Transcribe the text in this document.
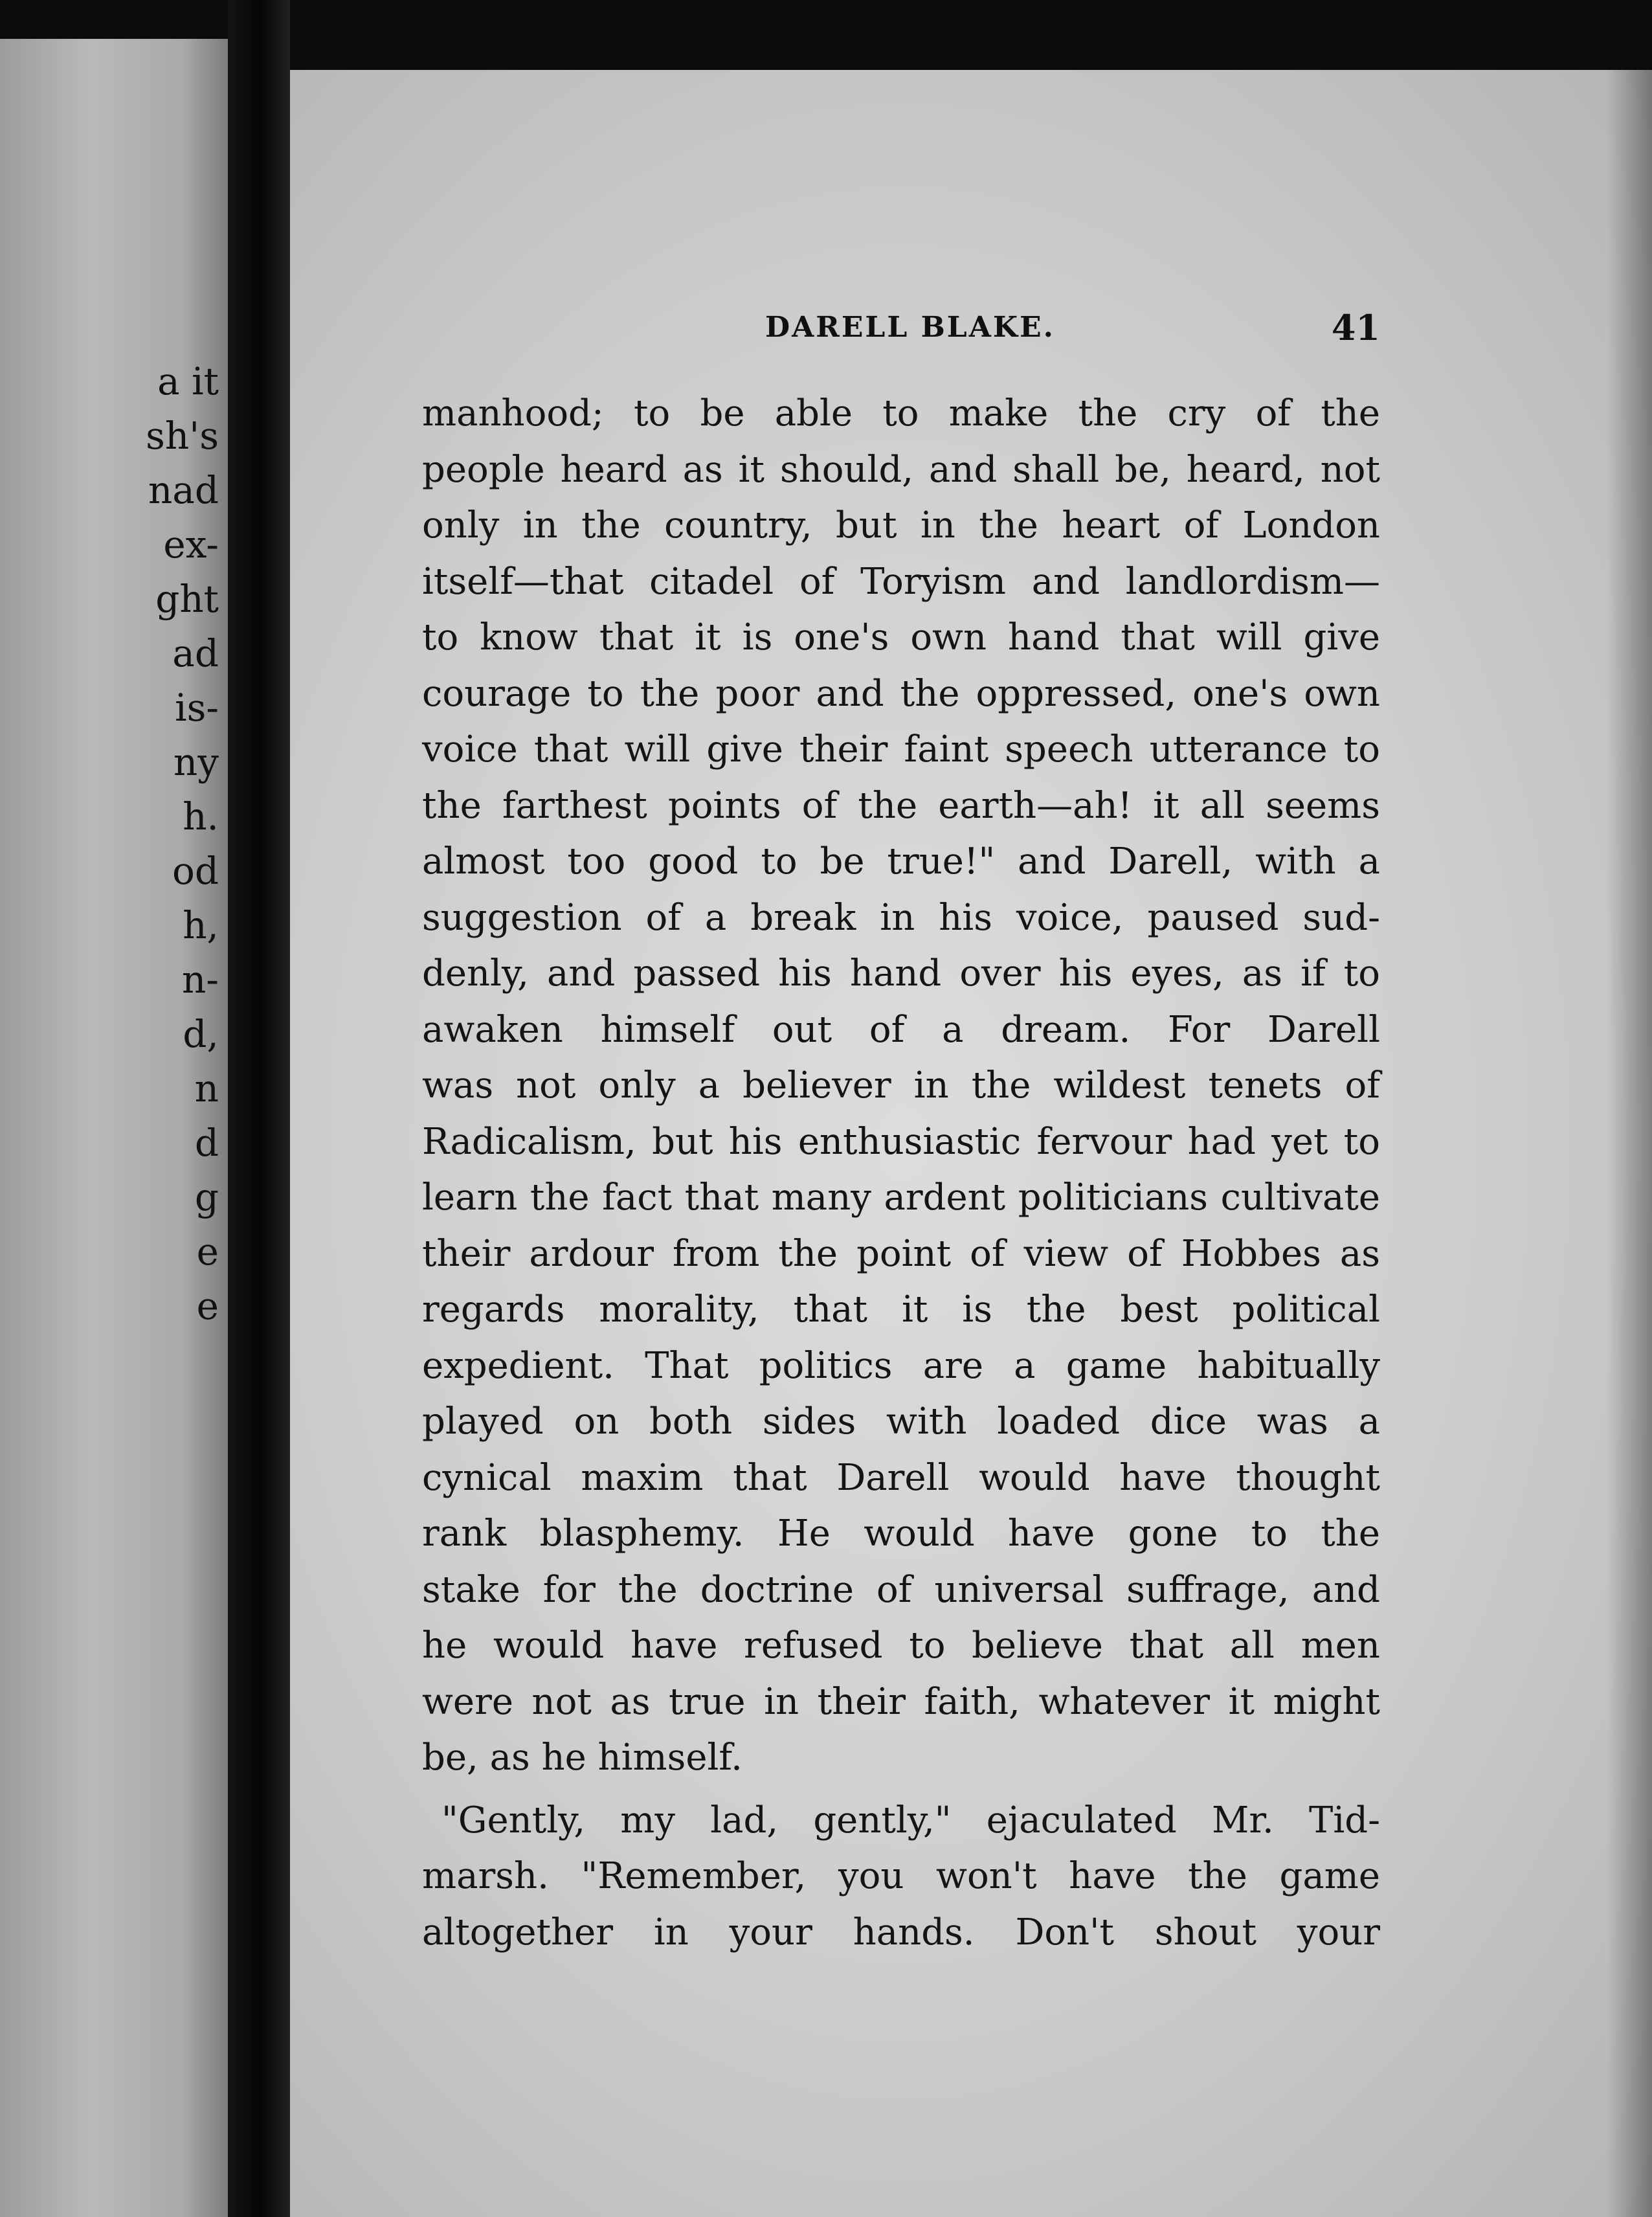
a it
sh's
nad
ex-
ght
ad
is-
ny
h.
od
h,
n-
d,
n
d
g
e
e
DARELL BLAKE.	41
manhood; to be able to make the cry of the
people heard as it should, and shall be, heard, not
only in the country, but in the heart of London
itself—that citadel of Toryism and landlordism—
to know that it is one's own hand that will give
courage to the poor and the oppressed, one's own
voice that will give their faint speech utterance to
the farthest points of the earth—ah! it all seems
almost too good to be true!" and Darell, with a
suggestion of a break in his voice, paused sud-
denly, and passed his hand over his eyes, as if to
awaken himself out of a dream. For Darell
was not only a believer in the wildest tenets of
Radicalism, but his enthusiastic fervour had yet to
learn the fact that many ardent politicians cultivate
their ardour from the point of view of Hobbes as
regards morality, that it is the best political
expedient. That politics are a game habitually
played on both sides with loaded dice was a
cynical maxim that Darell would have thought
rank blasphemy. He would have gone to the
stake for the doctrine of universal suffrage, and
he would have refused to believe that all men
were not as true in their faith, whatever it might
be, as he himself.
"Gently, my lad, gently," ejaculated Mr. Tid-
marsh. "Remember, you won't have the game
altogether in your hands. Don't shout your
